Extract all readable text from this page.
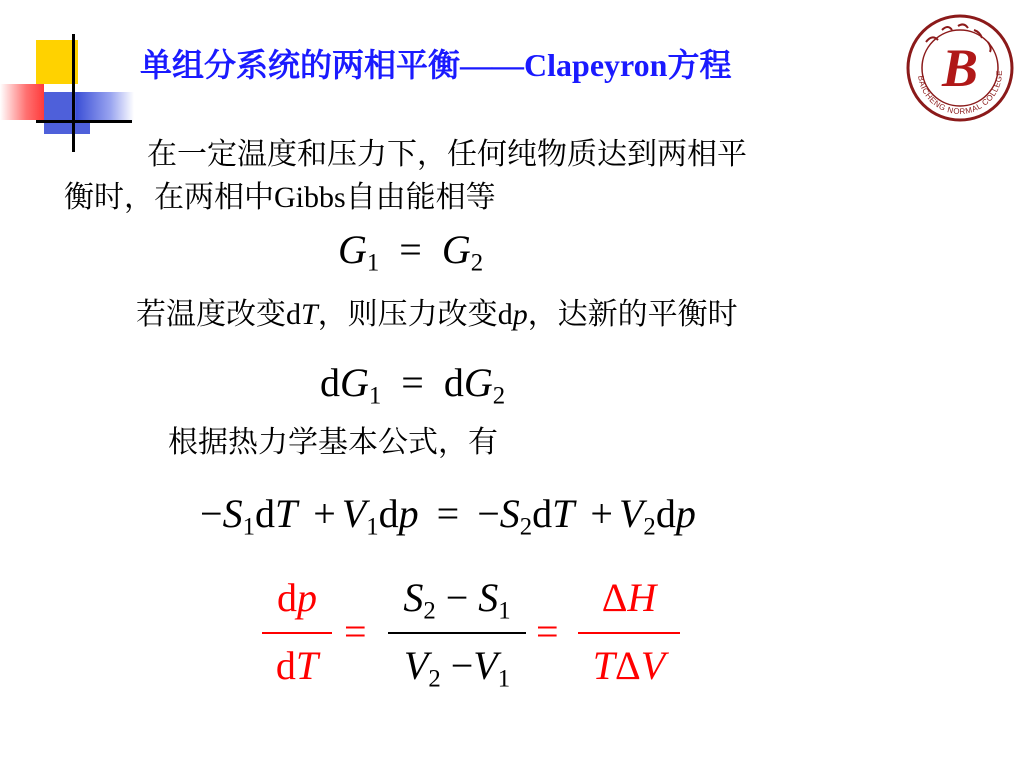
单组分系统的两相平衡——Clapeyron方程	BAICHENG NORMAL COLLEGE
B
在一定温度和压力下，任何纯物质达到两相平
衡时，在两相中Gibbs自由能相等
$G_1 = G_2$
若温度改变dT，则压力改变dp，达新的平衡时
$dG_1 = dG_2$
根据热力学基本公式，有
$-S_1dT + V_1dp = -S_2dT + V_2dp$
dp
dT
=
$S_2 - S_1$
$V_2 -V_1$
=
ΔH
TΔV
